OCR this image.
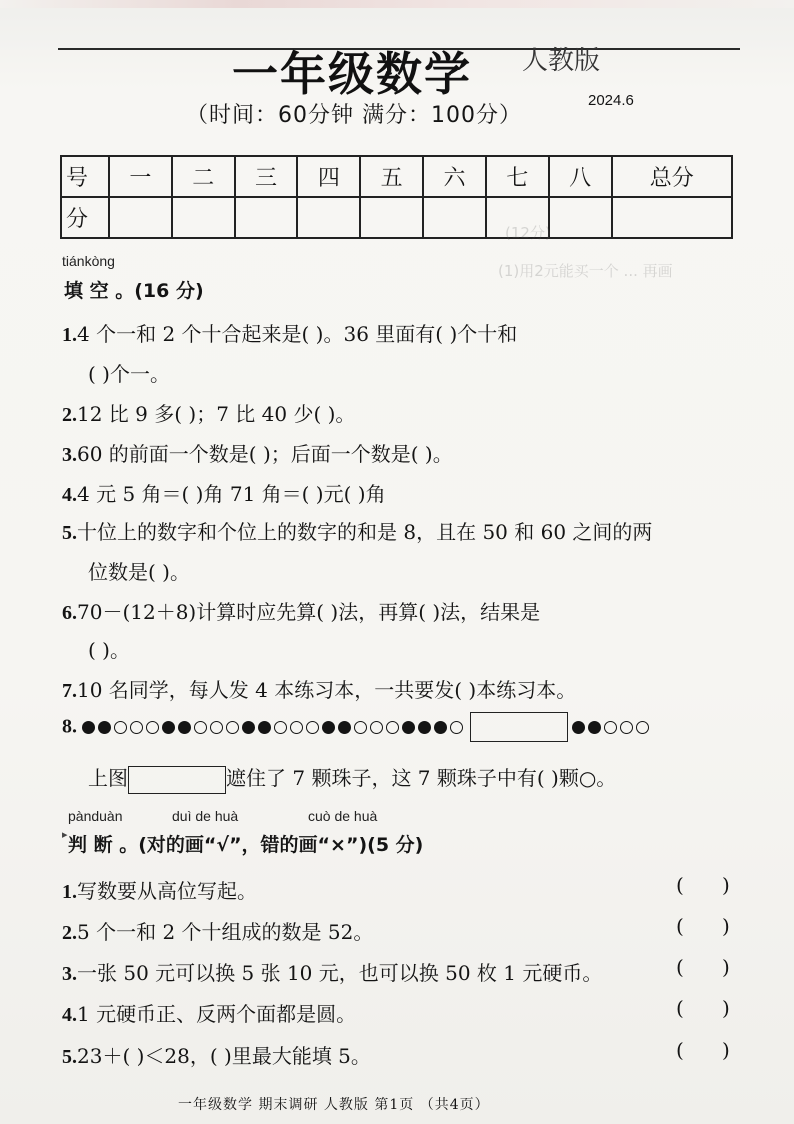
一年级数学 人教版
（时间：60分钟 满分：100分）
2024.6
号	一	二	三	四	五	六	七	八	总分
分									
(12分)
(1)用2元能买一个 ... 再画
tiánkòng
填 空 。(16 分)
1.4 个一和 2 个十合起来是( )。36 里面有( )个十和
( )个一。
2.12 比 9 多( )；7 比 40 少( )。
3.60 的前面一个数是( )；后面一个数是( )。
4.4 元 5 角＝( )角 71 角＝( )元( )角
5.十位上的数字和个位上的数字的和是 8，且在 50 和 60 之间的两
位数是( )。
6.70－(12＋8)计算时应先算( )法，再算( )法，结果是
( )。
7.10 名同学，每人发 4 本练习本，一共要发( )本练习本。
8.
上图	遮住了 7 颗珠子，这 7 颗珠子中有( )颗○。
pànduàn	duì de huà	cuò de huà
▸ 判 断 。(对的画“√”，错的画“×”)(5 分)
1.写数要从高位写起。	(      )
2.5 个一和 2 个十组成的数是 52。	(      )
3.一张 50 元可以换 5 张 10 元，也可以换 50 枚 1 元硬币。	(      )
4.1 元硬币正、反两个面都是圆。	(      )
5.23＋( )＜28，( )里最大能填 5。	(      )
一年级数学 期末调研 人教版 第1页 （共4页）
